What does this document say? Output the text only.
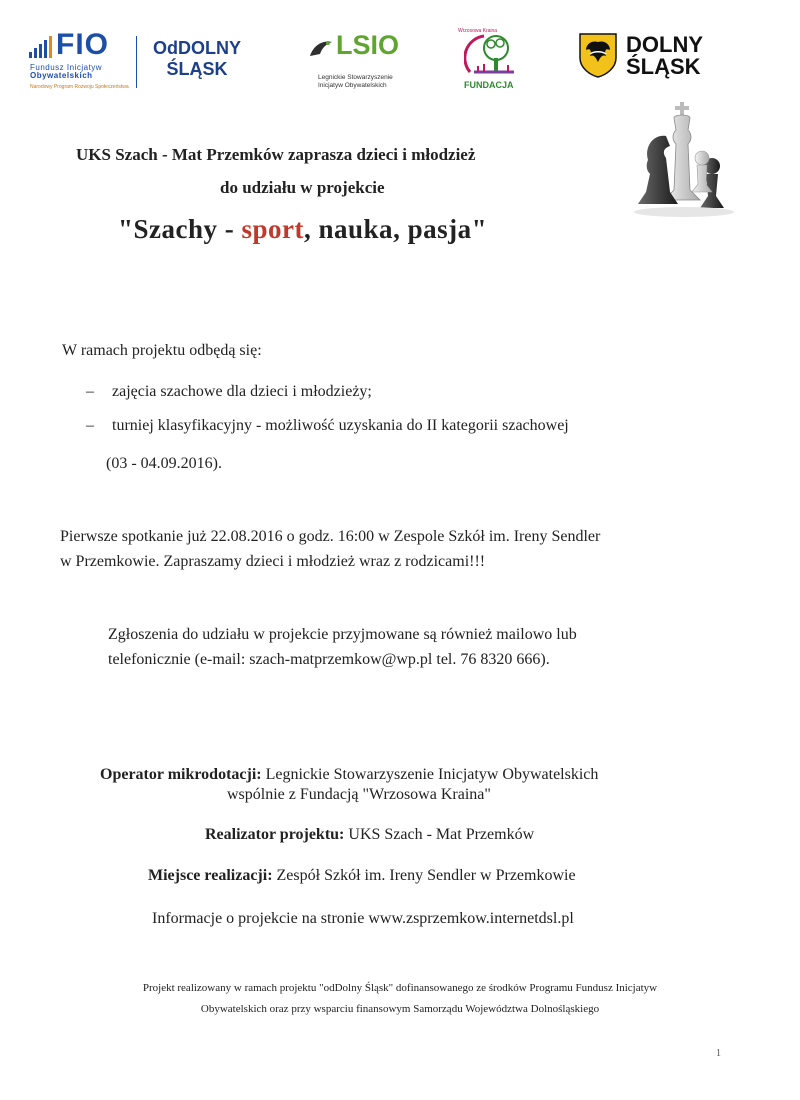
FIO
Fundusz Inicjatyw
Obywatelskich
Narodowy Program Rozwoju Społeczeństwa
OdDOLNY
ŚLĄSK
LSIO
Legnickie Stowarzyszenie
Inicjatyw Obywatelskich
Wrzosowa Kraina
FUNDACJA
DOLNY
ŚLĄSK
UKS Szach - Mat Przemków zaprasza dzieci i młodzież
do udziału w projekcie
"Szachy - sport, nauka, pasja"
W ramach projektu odbędą się:
– zajęcia szachowe dla dzieci i młodzieży;
– turniej klasyfikacyjny - możliwość uzyskania do II kategorii szachowej
(03 - 04.09.2016).
Pierwsze spotkanie już 22.08.2016 o godz. 16:00 w Zespole Szkół im. Ireny Sendler
w Przemkowie. Zapraszamy dzieci i młodzież wraz z rodzicami!!!
Zgłoszenia do udziału w projekcie przyjmowane są również mailowo lub
telefonicznie (e-mail: szach-matprzemkow@wp.pl tel. 76 8320 666).
Operator mikrodotacji: Legnickie Stowarzyszenie Inicjatyw Obywatelskich
wspólnie z Fundacją "Wrzosowa Kraina"
Realizator projektu: UKS Szach - Mat Przemków
Miejsce realizacji: Zespół Szkół im. Ireny Sendler w Przemkowie
Informacje o projekcie na stronie www.zsprzemkow.internetdsl.pl
Projekt realizowany w ramach projektu "odDolny Śląsk" dofinansowanego ze środków Programu Fundusz Inicjatyw
Obywatelskich oraz przy wsparciu finansowym Samorządu Województwa Dolnośląskiego
1
